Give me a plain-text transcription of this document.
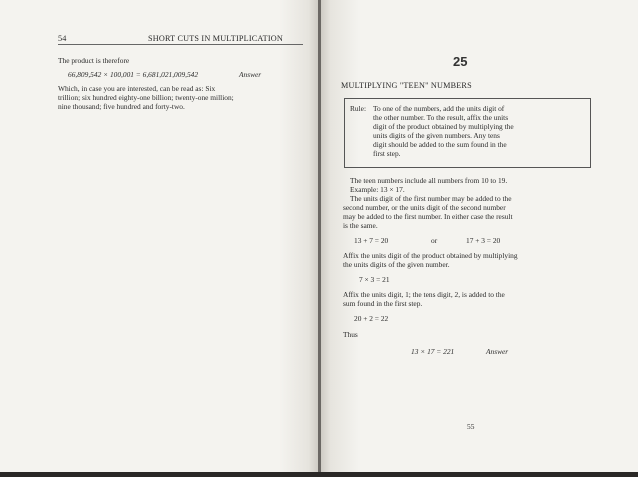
54	SHORT CUTS IN MULTIPLICATION
The product is therefore
66,809,542 × 100,001 = 6,681,021,009,542	Answer
Which, in case you are interested, can be read as: Six
trillion; six hundred eighty-one billion; twenty-one million;
nine thousand; five hundred and forty-two.
25
MULTIPLYING "TEEN" NUMBERS
Rule: To one of the numbers, add the units digit of
the other number. To the result, affix the units
digit of the product obtained by multiplying the
units digits of the given numbers. Any tens
digit should be added to the sum found in the
first step.
The teen numbers include all numbers from 10 to 19.
Example: 13 × 17.
The units digit of the first number may be added to the
second number, or the units digit of the second number
may be added to the first number. In either case the result
is the same.
13 + 7 = 20	or	17 + 3 = 20
Affix the units digit of the product obtained by multiplying
the units digits of the given number.
7 × 3 = 21
Affix the units digit, 1; the tens digit, 2, is added to the
sum found in the first step.
20 + 2 = 22
Thus
13 × 17 = 221	Answer
55
